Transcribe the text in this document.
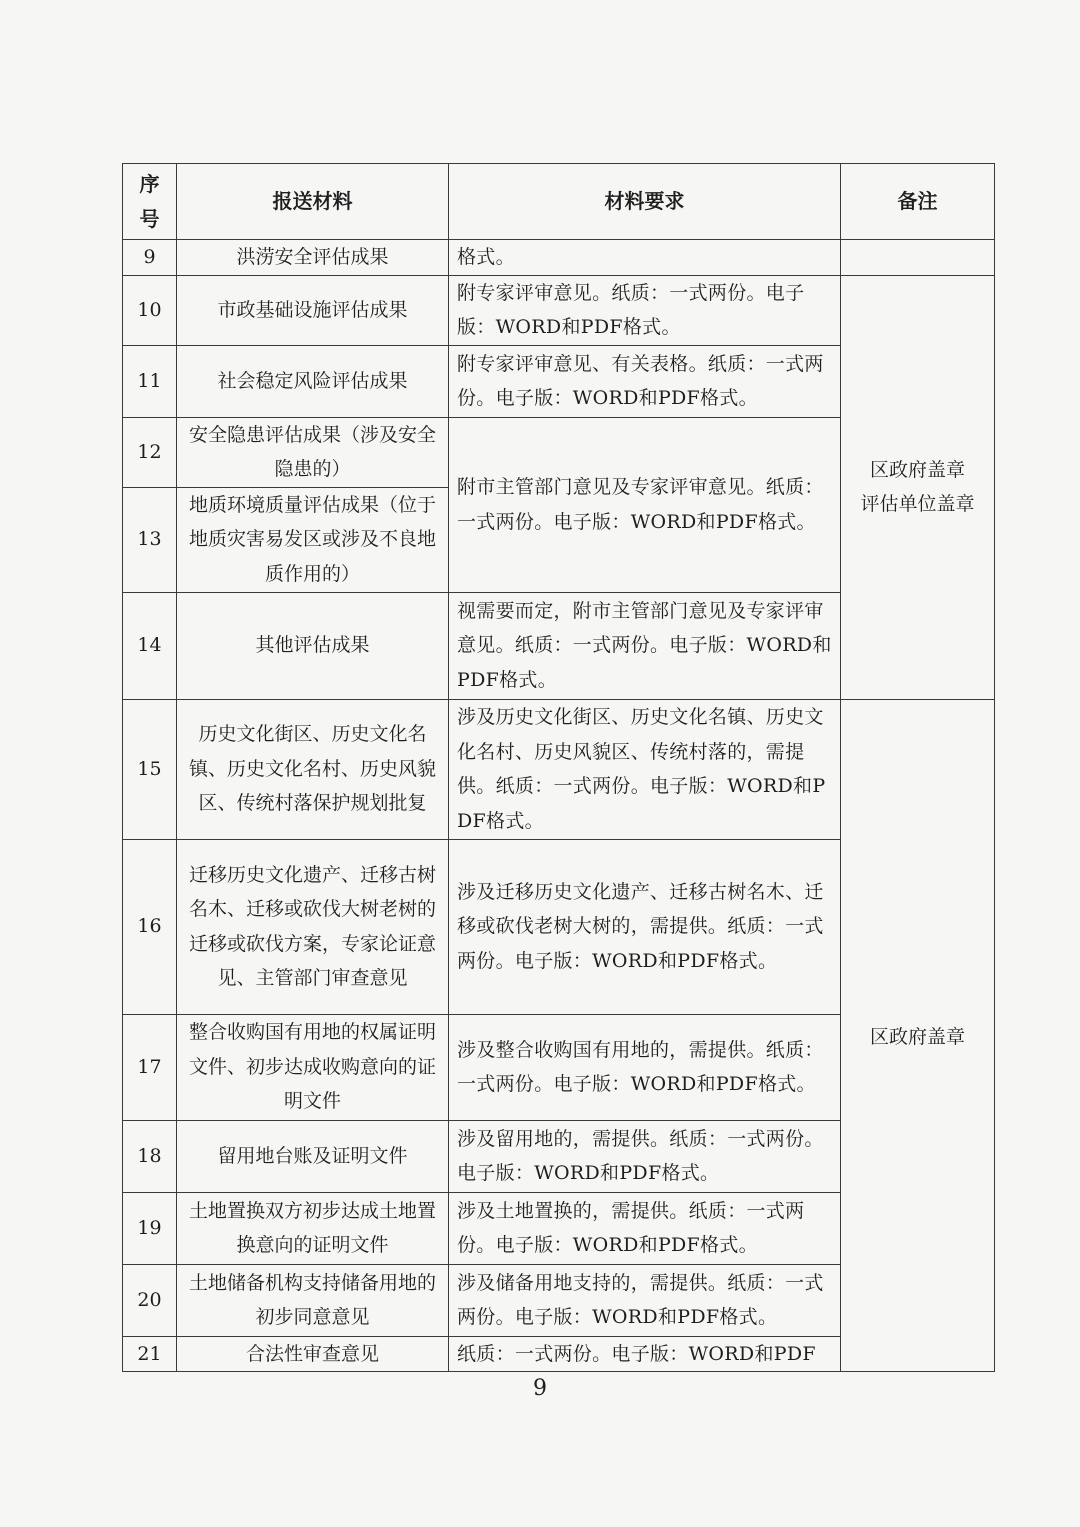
序号	报送材料	材料要求	备注
9	洪涝安全评估成果	格式。	
10	市政基础设施评估成果	附专家评审意见。纸质：一式两份。电子版：WORD和PDF格式。	区政府盖章
评估单位盖章

11	社会稳定风险评估成果	附专家评审意见、有关表格。纸质：一式两份。电子版：WORD和PDF格式。	
12	安全隐患评估成果（涉及安全隐患的）	附市主管部门意见及专家评审意见。纸质：一式两份。电子版：WORD和PDF格式。	
13	地质环境质量评估成果（位于地质灾害易发区或涉及不良地质作用的）		
14	其他评估成果	视需要而定，附市主管部门意见及专家评审意见。纸质：一式两份。电子版：WORD和PDF格式。	
15	历史文化街区、历史文化名镇、历史文化名村、历史风貌区、传统村落保护规划批复	涉及历史文化街区、历史文化名镇、历史文化名村、历史风貌区、传统村落的，需提供。纸质：一式两份。电子版：WORD和PDF格式。	区政府盖章
16	迁移历史文化遗产、迁移古树名木、迁移或砍伐大树老树的迁移或砍伐方案，专家论证意见、主管部门审查意见	涉及迁移历史文化遗产、迁移古树名木、迁移或砍伐老树大树的，需提供。纸质：一式两份。电子版：WORD和PDF格式。	
17	整合收购国有用地的权属证明文件、初步达成收购意向的证明文件	涉及整合收购国有用地的，需提供。纸质：一式两份。电子版：WORD和PDF格式。	
18	留用地台账及证明文件	涉及留用地的，需提供。纸质：一式两份。电子版：WORD和PDF格式。	
19	土地置换双方初步达成土地置换意向的证明文件	涉及土地置换的，需提供。纸质：一式两份。电子版：WORD和PDF格式。	
20	土地储备机构支持储备用地的初步同意意见	涉及储备用地支持的，需提供。纸质：一式两份。电子版：WORD和PDF格式。	
21	合法性审查意见	纸质：一式两份。电子版：WORD和PDF	
9
